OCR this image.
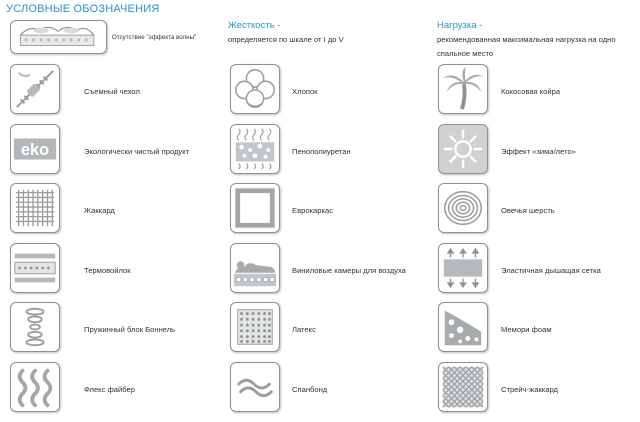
УСЛОВНЫЕ ОБОЗНАЧЕНИЯ
Отсутствие "эффекта волны"
Жесткость -
определяется по шкале от I до V
Нагрузка -
рекомендованная максимальная нагрузка на одно
спальное место
Съемный чехол
eko	Экологически чистый продукт
Жаккард
Термовойлок
Пружинный блок Боннель
Флекс файбер
Хлопок
Пенополиуретан
Еврокаркас
Виниловые камеры для воздуха
Латекс
Спанбонд
Кокосовая койра
Эффект «зима/лето»
Овечья шерсть
Эластичная дышащая сетка
Мемори фоам
Стрейч-жаккард
